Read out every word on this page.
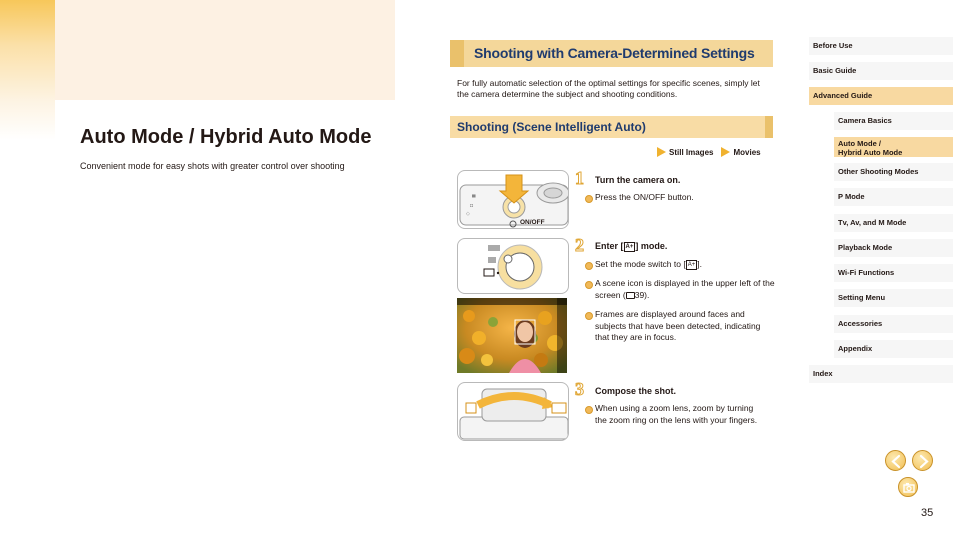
Auto Mode / Hybrid Auto Mode

Convenient mode for easy shots with greater control over shooting

Shooting with Camera-Determined Settings

For fully automatic selection of the optimal settings for specific scenes, simply let the camera determine the subject and shooting conditions.

Shooting (Scene Intelligent Auto)
Still Images	Movies
▀
◘
◇
ON/OFF
1 Turn the camera on.

Press the ON/OFF button.

2 Enter [ A+ ] mode.

Set the mode switch to [ A+ ].

A scene icon is displayed in the upper left of the screen ( 39).

Frames are displayed around faces and subjects that have been detected, indicating that they are in focus.

3 Compose the shot.

When using a zoom lens, zoom by turning the zoom ring on the lens with your fingers.

Before Use
Basic Guide
Advanced Guide
Camera Basics
Auto Mode /
Hybrid Auto Mode
Other Shooting Modes
P Mode
Tv, Av, and M Mode
Playback Mode
Wi-Fi Functions
Setting Menu
Accessories
Appendix
Index
35
